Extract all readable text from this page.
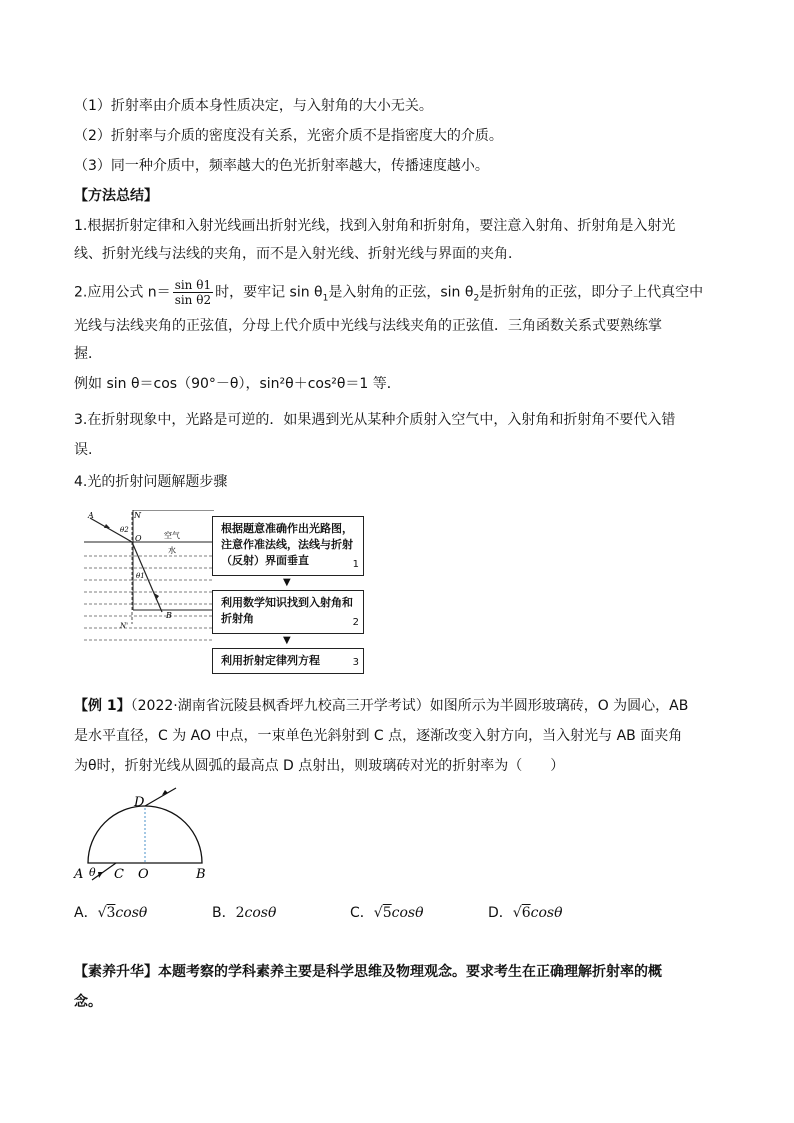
（1）折射率由介质本身性质决定，与入射角的大小无关。
（2）折射率与介质的密度没有关系，光密介质不是指密度大的介质。
（3）同一种介质中，频率越大的色光折射率越大，传播速度越小。
【方法总结】
1.根据折射定律和入射光线画出折射光线，找到入射角和折射角，要注意入射角、折射角是入射光
线、折射光线与法线的夹角，而不是入射光线、折射光线与界面的夹角．
2.应用公式 $n= \frac{\text{sin θ1}}{\text{sin θ2}}$ 时，要牢记 $\sin \theta_1$是入射角的正弦，$\sin \theta_2$是折射角的正弦，即分子上代真空中
光线与法线夹角的正弦值，分母上代介质中光线与法线夹角的正弦值．三角函数关系式要熟练掌
握．
例如 sin θ＝cos（90°－θ），sin²θ＋cos²θ＝1 等．
3.在折射现象中，光路是可逆的．如果遇到光从某种介质射入空气中，入射角和折射角不要代入错
误.
4.光的折射问题解题步骤
A	N
O
θ2
θ1
空气
水
B
N'
根据题意准确作出光路图，注意作准法线，法线与折射（反射）界面垂直	1
▼
利用数学知识找到入射角和折射角	2
▼
利用折射定律列方程	3
【例 1】（2022·湖南省沅陵县枫香坪九校高三开学考试）如图所示为半圆形玻璃砖，O 为圆心，AB
是水平直径，C 为 AO 中点，一束单色光斜射到 C 点，逐渐改变入射方向，当入射光与 AB 面夹角
为θ时，折射光线从圆弧的最高点 D 点射出，则玻璃砖对光的折射率为（　　）
D
A θ C O	B
A．√3cosθ	B．2cosθ	C．√5cosθ	D．√6cosθ
【素养升华】本题考察的学科素养主要是科学思维及物理观念。要求考生在正确理解折射率的概
念。
